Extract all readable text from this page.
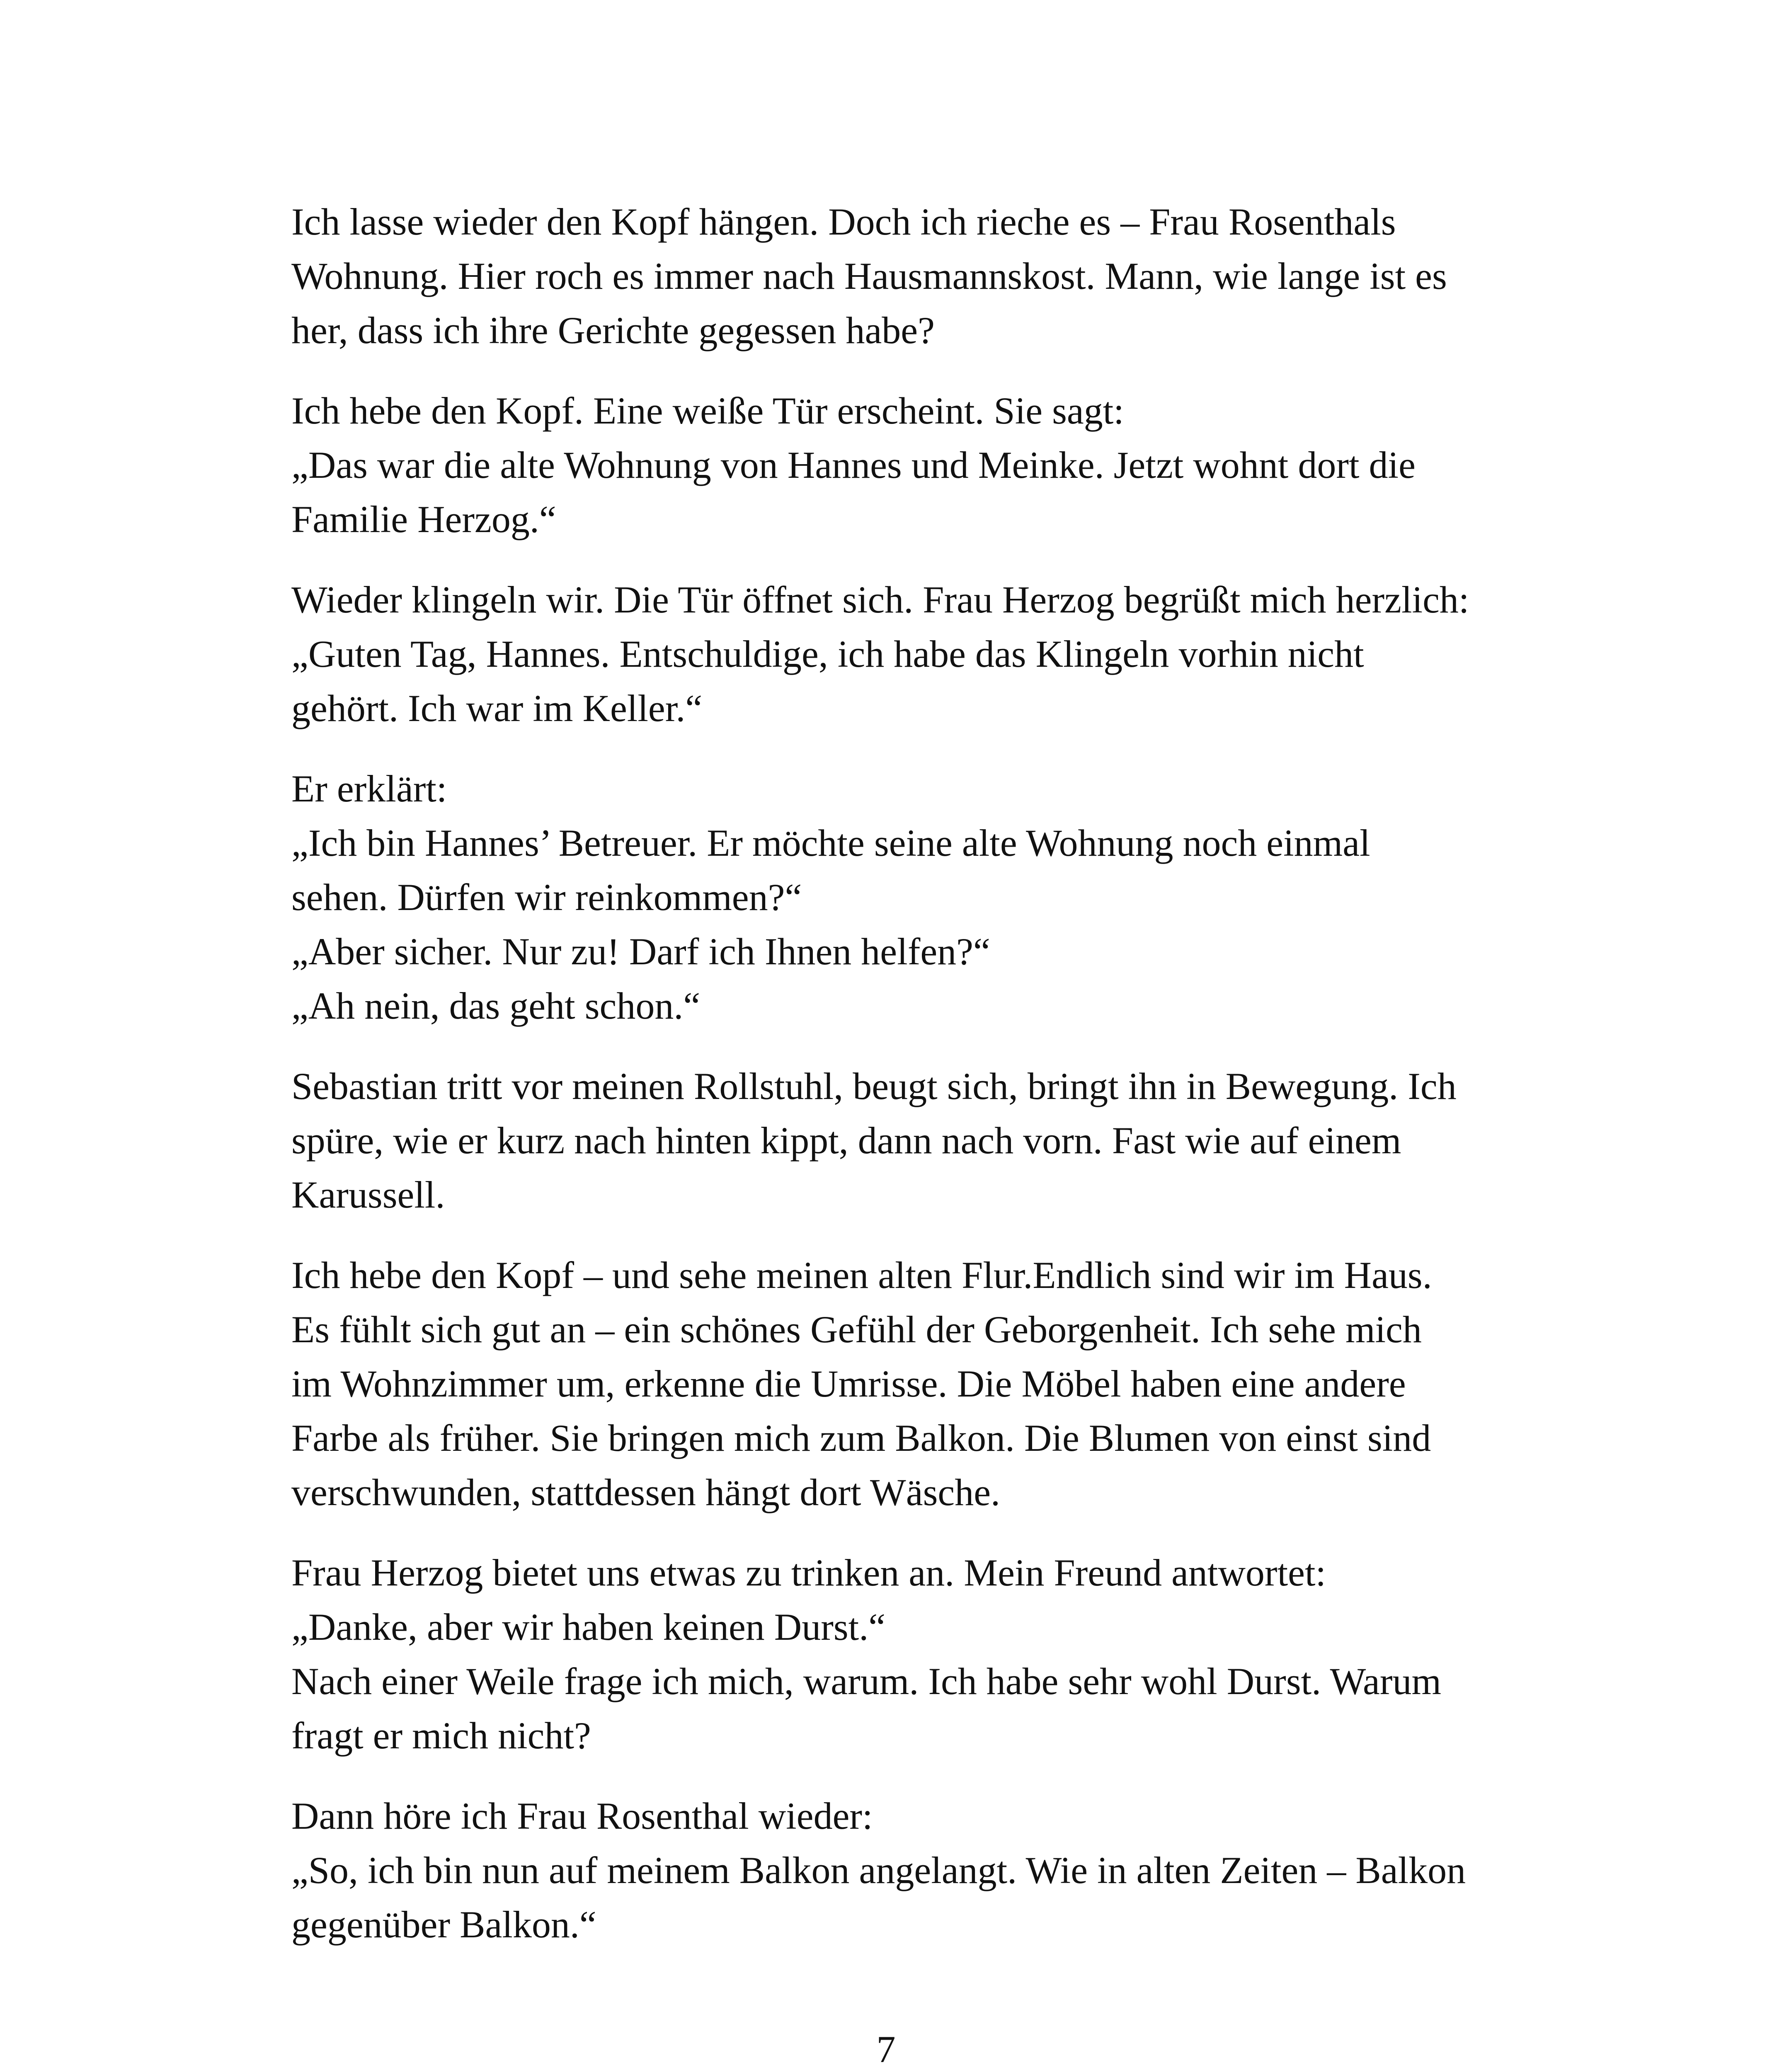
Ich lasse wieder den Kopf hängen. Doch ich rieche es – Frau Rosenthals
Wohnung. Hier roch es immer nach Hausmannskost. Mann, wie lange ist es
her, dass ich ihre Gerichte gegessen habe?
Ich hebe den Kopf. Eine weiße Tür erscheint. Sie sagt:
„Das war die alte Wohnung von Hannes und Meinke. Jetzt wohnt dort die
Familie Herzog.“
Wieder klingeln wir. Die Tür öffnet sich. Frau Herzog begrüßt mich herzlich:
„Guten Tag, Hannes. Entschuldige, ich habe das Klingeln vorhin nicht
gehört. Ich war im Keller.“
Er erklärt:
„Ich bin Hannes’ Betreuer. Er möchte seine alte Wohnung noch einmal
sehen. Dürfen wir reinkommen?“
„Aber sicher. Nur zu! Darf ich Ihnen helfen?“
„Ah nein, das geht schon.“
Sebastian tritt vor meinen Rollstuhl, beugt sich, bringt ihn in Bewegung. Ich
spüre, wie er kurz nach hinten kippt, dann nach vorn. Fast wie auf einem
Karussell.
Ich hebe den Kopf – und sehe meinen alten Flur.Endlich sind wir im Haus.
Es fühlt sich gut an – ein schönes Gefühl der Geborgenheit. Ich sehe mich
im Wohnzimmer um, erkenne die Umrisse. Die Möbel haben eine andere
Farbe als früher. Sie bringen mich zum Balkon. Die Blumen von einst sind
verschwunden, stattdessen hängt dort Wäsche.
Frau Herzog bietet uns etwas zu trinken an. Mein Freund antwortet:
„Danke, aber wir haben keinen Durst.“
Nach einer Weile frage ich mich, warum. Ich habe sehr wohl Durst. Warum
fragt er mich nicht?
Dann höre ich Frau Rosenthal wieder:
„So, ich bin nun auf meinem Balkon angelangt. Wie in alten Zeiten – Balkon
gegenüber Balkon.“
7
